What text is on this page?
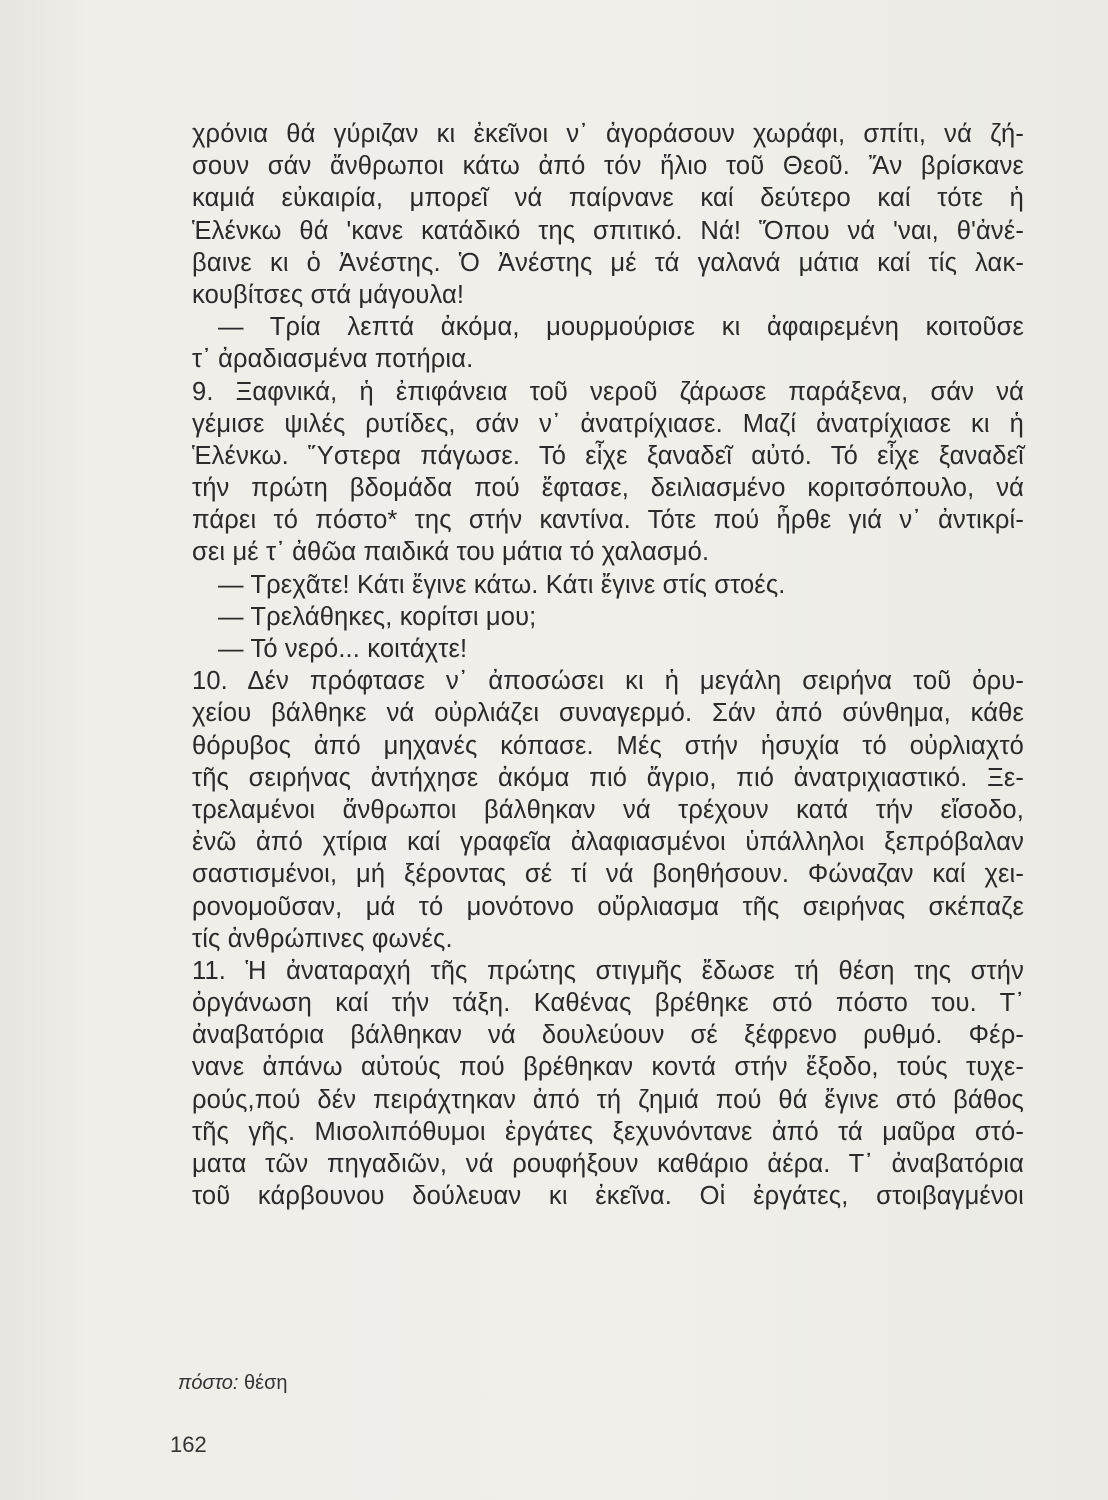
χρόνια θά γύριζαν κι ἐκεῖνοι ν᾽ ἀγοράσουν χωράφι, σπίτι, νά ζή-
σουν σάν ἄνθρωποι κάτω ἀπό τόν ἥλιο τοῦ Θεοῦ. Ἄν βρίσκανε
καμιά εὐκαιρία, μπορεῖ νά παίρνανε καί δεύτερο καί τότε ἡ
Ἑλένκω θά 'κανε κατάδικό της σπιτικό. Νά! Ὅπου νά 'ναι, θ'ἀνέ-
βαινε κι ὁ Ἀνέστης. Ὁ Ἀνέστης μέ τά γαλανά μάτια καί τίς λακ-
κουβίτσες στά μάγουλα!
— Τρία λεπτά ἀκόμα, μουρμούρισε κι ἀφαιρεμένη κοιτοῦσε
τ᾽ ἀραδιασμένα ποτήρια.
9. Ξαφνικά, ἡ ἐπιφάνεια τοῦ νεροῦ ζάρωσε παράξενα, σάν νά
γέμισε ψιλές ρυτίδες, σάν ν᾽ ἀνατρίχιασε. Μαζί ἀνατρίχιασε κι ἡ
Ἑλένκω. Ὕστερα πάγωσε. Τό εἶχε ξαναδεῖ αὐτό. Τό εἶχε ξαναδεῖ
τήν πρώτη βδομάδα πού ἔφτασε, δειλιασμένο κοριτσόπουλο, νά
πάρει τό πόστο* της στήν καντίνα. Τότε πού ἦρθε γιά ν᾽ ἀντικρί-
σει μέ τ᾽ ἀθῶα παιδικά του μάτια τό χαλασμό.
— Τρεχᾶτε! Κάτι ἔγινε κάτω. Κάτι ἔγινε στίς στοές.
— Τρελάθηκες, κορίτσι μου;
— Τό νερό... κοιτάχτε!
10. Δέν πρόφτασε ν᾽ ἀποσώσει κι ἡ μεγάλη σειρήνα τοῦ ὀρυ-
χείου βάλθηκε νά οὐρλιάζει συναγερμό. Σάν ἀπό σύνθημα, κάθε
θόρυβος ἀπό μηχανές κόπασε. Μές στήν ἡσυχία τό οὐρλιαχτό
τῆς σειρήνας ἀντήχησε ἀκόμα πιό ἄγριο, πιό ἀνατριχιαστικό. Ξε-
τρελαμένοι ἄνθρωποι βάλθηκαν νά τρέχουν κατά τήν εἴσοδο,
ἐνῶ ἀπό χτίρια καί γραφεῖα ἀλαφιασμένοι ὑπάλληλοι ξεπρόβαλαν
σαστισμένοι, μή ξέροντας σέ τί νά βοηθήσουν. Φώναζαν καί χει-
ρονομοῦσαν, μά τό μονότονο οὔρλιασμα τῆς σειρήνας σκέπαζε
τίς ἀνθρώπινες φωνές.
11. Ἡ ἀναταραχή τῆς πρώτης στιγμῆς ἔδωσε τή θέση της στήν
ὀργάνωση καί τήν τάξη. Καθένας βρέθηκε στό πόστο του. Τ᾽
ἀναβατόρια βάλθηκαν νά δουλεύουν σέ ξέφρενο ρυθμό. Φέρ-
νανε ἀπάνω αὐτούς πού βρέθηκαν κοντά στήν ἔξοδο, τούς τυχε-
ρούς,πού δέν πειράχτηκαν ἀπό τή ζημιά πού θά ἔγινε στό βάθος
τῆς γῆς. Μισολιπόθυμοι ἐργάτες ξεχυνόντανε ἀπό τά μαῦρα στό-
ματα τῶν πηγαδιῶν, νά ρουφήξουν καθάριο ἀέρα. Τ᾽ ἀναβατόρια
τοῦ κάρβουνου δούλευαν κι ἐκεῖνα. Οἱ ἐργάτες, στοιβαγμένοι
πόστο: θέση
162
